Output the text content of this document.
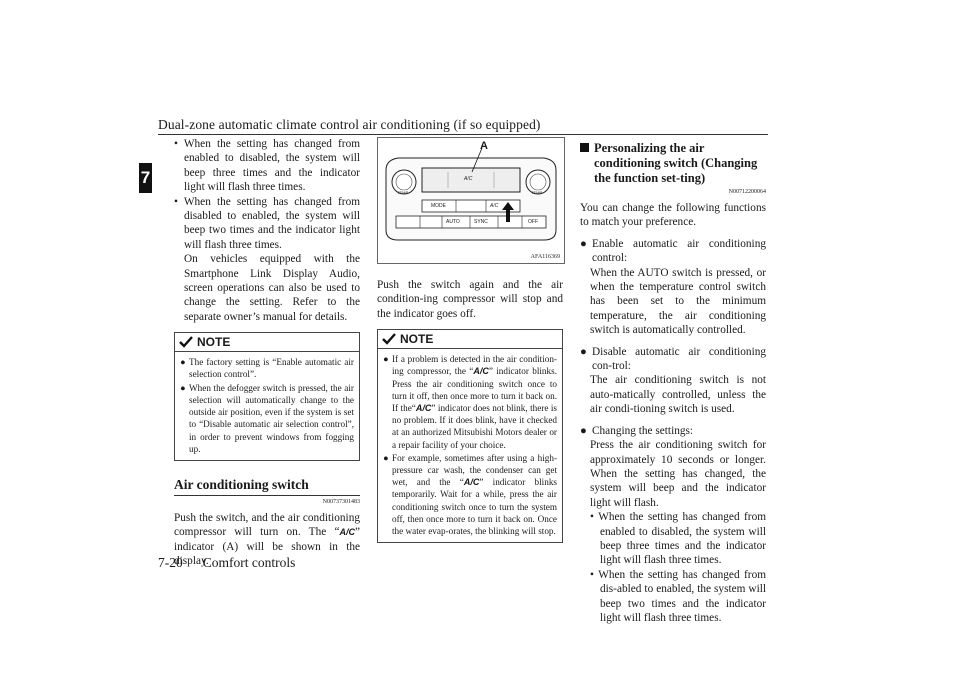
Dual-zone automatic climate control air conditioning (if so equipped)
7

• When the setting has changed from enabled to disabled, the system will beep three times and the indicator light will flash three times.

• When the setting has changed from disabled to enabled, the system will beep two times and the indicator light will flash three times.

On vehicles equipped with the Smartphone Link Display Audio, screen operations can also be used to change the setting. Refer to the separate owner’s manual for details.

NOTE
● The factory setting is “Enable automatic air selection control”.
● When the defogger switch is pressed, the air selection will automatically change to the outside air position, even if the system is set to “Disable automatic air selection control”, in order to prevent windows from fogging up.
Air conditioning switch
N00737301483

Push the switch, and the air conditioning compressor will turn on. The “A/C” indicator (A) will be shown in the display.

A
A/C
TEMP	TEMP
MODE	A/C
AUTO	SYNC	OFF
AFA116369

Push the switch again and the air condition-ing compressor will stop and the indicator goes off.

NOTE
● If a problem is detected in the air condition-ing compressor, the “A/C” indicator blinks. Press the air conditioning switch once to turn it off, then once more to turn it back on. If the“A/C” indicator does not blink, there is no problem. If it does blink, have it checked at an authorized Mitsubishi Motors dealer or a repair facility of your choice.
● For example, sometimes after using a high-pressure car wash, the condenser can get wet, and the “A/C” indicator blinks temporarily. Wait for a while, press the air conditioning switch once to turn the system off, then once more to turn it back on. Once the water evap-orates, the blinking will stop.
Personalizing the air conditioning switch (Changing the function set-ting)
N00712200064

You can change the following functions to match your preference.

● Enable automatic air conditioning control:

When the AUTO switch is pressed, or when the temperature control switch has been set to the minimum temperature, the air conditioning switch is automatically controlled.

● Disable automatic air conditioning con-trol:

The air conditioning switch is not auto-matically controlled, unless the air condi-tioning switch is used.

● Changing the settings:

Press the air conditioning switch for approximately 10 seconds or longer. When the setting has changed, the system will beep and the indicator light will flash.

• When the setting has changed from enabled to disabled, the system will beep three times and the indicator light will flash three times.

• When the setting has changed from dis-abled to enabled, the system will beep two times and the indicator light will flash three times.

7-20 Comfort controls
